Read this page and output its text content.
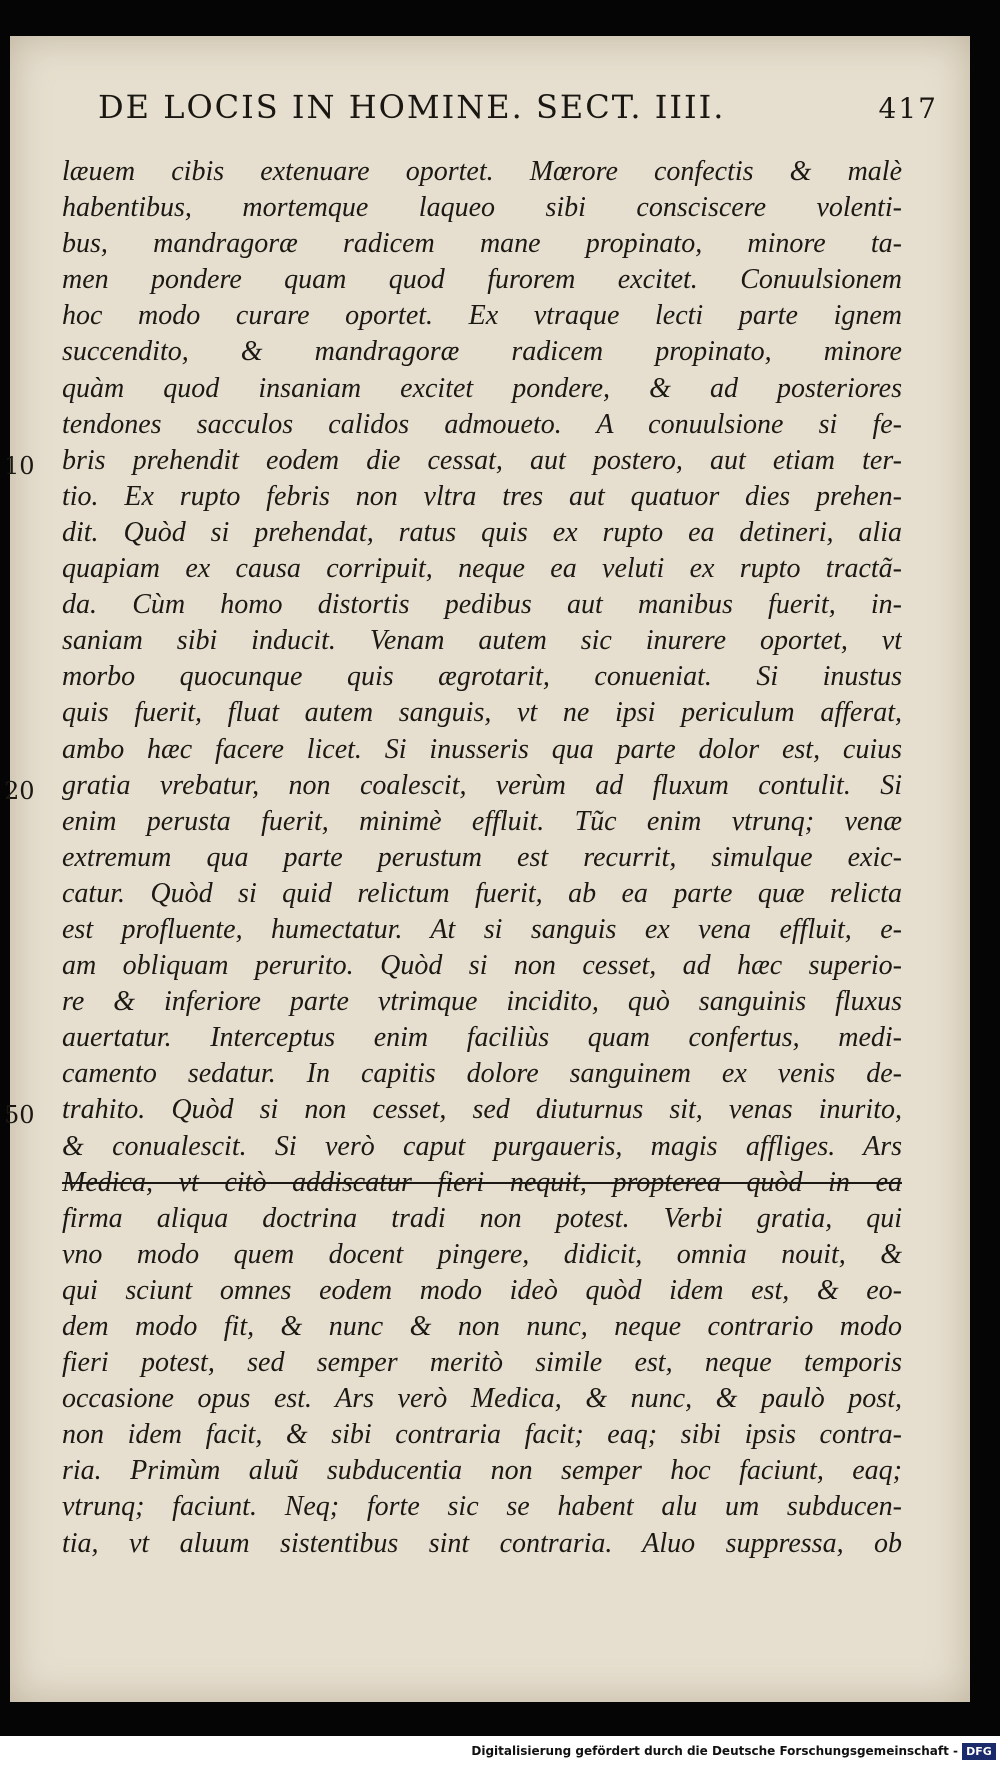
DE LOCIS IN HOMINE. SECT. IIII.	417
10
20
50
læuem cibis extenuare oportet. Mœrore confectis & malè
habentibus, mortemque laqueo sibi consciscere volenti-
bus, mandragoræ radicem mane propinato, minore ta-
men pondere quam quod furorem excitet. Conuulsionem
hoc modo curare oportet. Ex vtraque lecti parte ignem
succendito, & mandragoræ radicem propinato, minore
quàm quod insaniam excitet pondere, & ad posteriores
tendones sacculos calidos admoueto. A conuulsione si fe-
bris prehendit eodem die cessat, aut postero, aut etiam ter-
tio. Ex rupto febris non vltra tres aut quatuor dies prehen-
dit. Quòd si prehendat, ratus quis ex rupto ea detineri, alia
quapiam ex causa corripuit, neque ea veluti ex rupto tractã-
da. Cùm homo distortis pedibus aut manibus fuerit, in-
saniam sibi inducit. Venam autem sic inurere oportet, vt
morbo quocunque quis ægrotarit, conueniat. Si inustus
quis fuerit, fluat autem sanguis, vt ne ipsi periculum afferat,
ambo hæc facere licet. Si inusseris qua parte dolor est, cuius
gratia vrebatur, non coalescit, verùm ad fluxum contulit. Si
enim perusta fuerit, minimè effluit. Tũc enim vtrunq; venæ
extremum qua parte perustum est recurrit, simulque exic-
catur. Quòd si quid relictum fuerit, ab ea parte quæ relicta
est profluente, humectatur. At si sanguis ex vena effluit, e-
am obliquam perurito. Quòd si non cesset, ad hæc superio-
re & inferiore parte vtrimque incidito, quò sanguinis fluxus
auertatur. Interceptus enim faciliùs quam confertus, medi-
camento sedatur. In capitis dolore sanguinem ex venis de-
trahito. Quòd si non cesset, sed diuturnus sit, venas inurito,
& conualescit. Si verò caput purgaueris, magis affliges. Ars
Medica, vt citò addiscatur fieri nequit, propterea quòd in ea
firma aliqua doctrina tradi non potest. Verbi gratia, qui
vno modo quem docent pingere, didicit, omnia nouit, &
qui sciunt omnes eodem modo ideò quòd idem est, & eo-
dem modo fit, & nunc & non nunc, neque contrario modo
fieri potest, sed semper meritò simile est, neque temporis
occasione opus est. Ars verò Medica, & nunc, & paulò post,
non idem facit, & sibi contraria facit; eaq; sibi ipsis contra-
ria. Primùm aluũ subducentia non semper hoc faciunt, eaq;
vtrunq; faciunt. Neq; forte sic se habent alu um subducen-
tia, vt aluum sistentibus sint contraria. Aluo suppressa, ob
Digitalisierung gefördert durch die Deutsche Forschungsgemeinschaft - DFG
